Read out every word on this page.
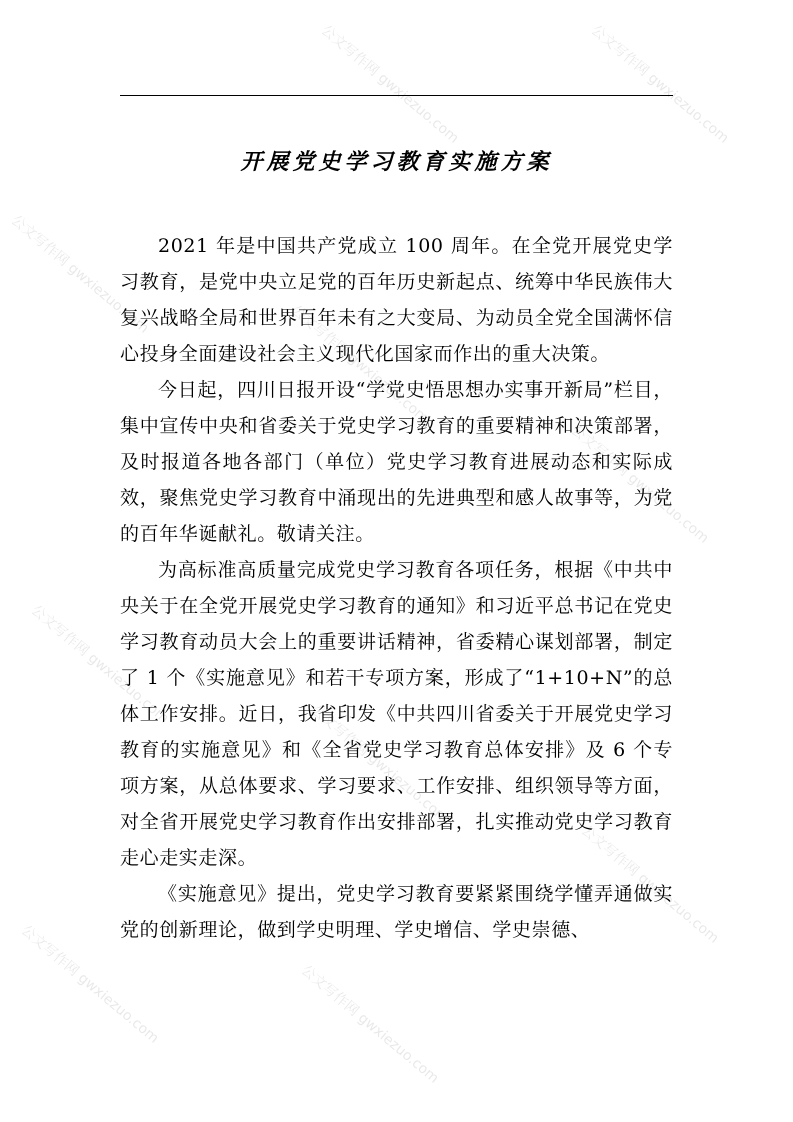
公文写作网 gwxiezuo.com	公文写作网 gwxiezuo.com
公文写作网 gwxiezuo.com
公文写作网 gwxiezuo.com
公文写作网 gwxiezuo.com
公文写作网 gwxiezuo.com
公文写作网 gwxiezuo.com
公文写作网 gwxiezuo.com
公文写作网 gwxiezuo.com	公文写作网 gwxiezuo.com
开展党史学习教育实施方案

2021 年是中国共产党成立 100 周年。在全党开展党史学习教育，是党中央立足党的百年历史新起点、统筹中华民族伟大复兴战略全局和世界百年未有之大变局、为动员全党全国满怀信心投身全面建设社会主义现代化国家而作出的重大决策。

今日起，四川日报开设“学党史悟思想办实事开新局”栏目，集中宣传中央和省委关于党史学习教育的重要精神和决策部署，及时报道各地各部门（单位）党史学习教育进展动态和实际成效，聚焦党史学习教育中涌现出的先进典型和感人故事等，为党的百年华诞献礼。敬请关注。

为高标准高质量完成党史学习教育各项任务，根据《中共中央关于在全党开展党史学习教育的通知》和习近平总书记在党史学习教育动员大会上的重要讲话精神，省委精心谋划部署，制定了 1 个《实施意见》和若干专项方案，形成了“1+10+N”的总体工作安排。近日，我省印发《中共四川省委关于开展党史学习教育的实施意见》和《全省党史学习教育总体安排》及 6 个专项方案，从总体要求、学习要求、工作安排、组织领导等方面，对全省开展党史学习教育作出安排部署，扎实推动党史学习教育走心走实走深。

《实施意见》提出，党史学习教育要紧紧围绕学懂弄通做实党的创新理论，做到学史明理、学史增信、学史崇德、
